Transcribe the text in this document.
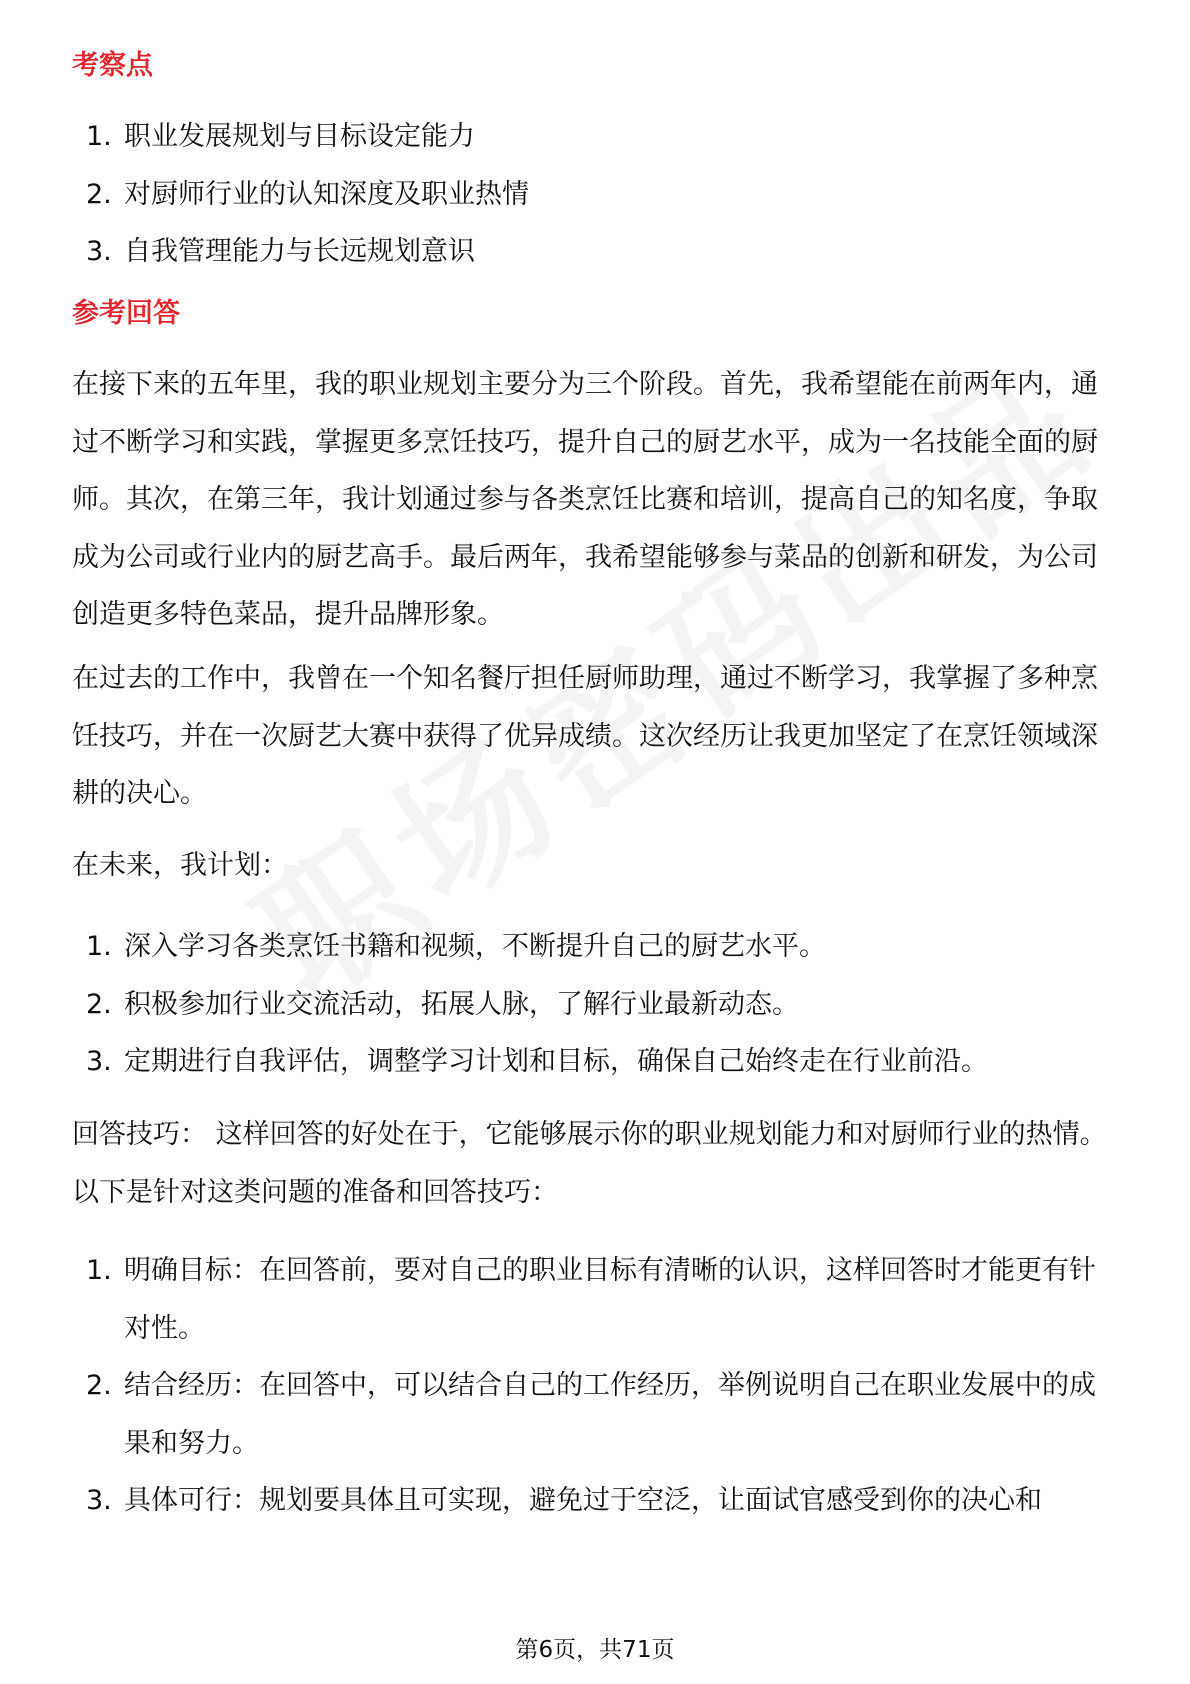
考察点
1. 职业发展规划与目标设定能力
2. 对厨师行业的认知深度及职业热情
3. 自我管理能力与长远规划意识
参考回答

在接下来的五年里，我的职业规划主要分为三个阶段。首先，我希望能在前两年内，通过不断学习和实践，掌握更多烹饪技巧，提升自己的厨艺水平，成为一名技能全面的厨师。其次，在第三年，我计划通过参与各类烹饪比赛和培训，提高自己的知名度，争取成为公司或行业内的厨艺高手。最后两年，我希望能够参与菜品的创新和研发，为公司创造更多特色菜品，提升品牌形象。

在过去的工作中，我曾在一个知名餐厅担任厨师助理，通过不断学习，我掌握了多种烹饪技巧，并在一次厨艺大赛中获得了优异成绩。这次经历让我更加坚定了在烹饪领域深耕的决心。

在未来，我计划：

1. 深入学习各类烹饪书籍和视频，不断提升自己的厨艺水平。
2. 积极参加行业交流活动，拓展人脉，了解行业最新动态。
3. 定期进行自我评估，调整学习计划和目标，确保自己始终走在行业前沿。

回答技巧： 这样回答的好处在于，它能够展示你的职业规划能力和对厨师行业的热情。以下是针对这类问题的准备和回答技巧：

1. 明确目标：在回答前，要对自己的职业目标有清晰的认识，这样回答时才能更有针对性。
2. 结合经历：在回答中，可以结合自己的工作经历，举例说明自己在职业发展中的成果和努力。
3. 具体可行：规划要具体且可实现，避免过于空泛，让面试官感受到你的决心和
第6页，共71页
